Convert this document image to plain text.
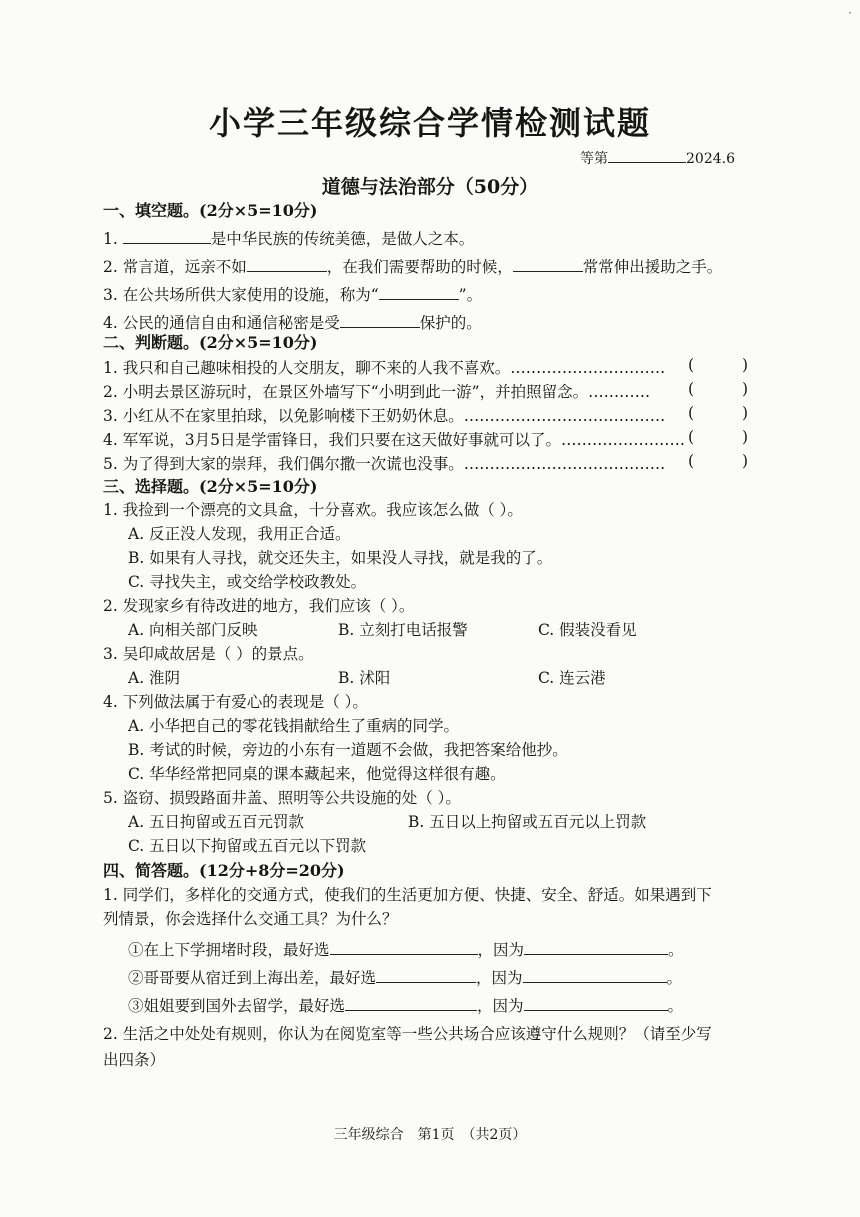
·
小学三年级综合学情检测试题
等第	2024.6
道德与法治部分（50分）
一、填空题。(2分×5=10分)
1.	是中华民族的传统美德，是做人之本。
2. 常言道，远亲不如	，在我们需要帮助的时候，	常常伸出援助之手。
3. 在公共场所供大家使用的设施，称为“	”。
4. 公民的通信自由和通信秘密是受	保护的。
二、判断题。(2分×5=10分)
1. 我只和自己趣味相投的人交朋友，聊不来的人我不喜欢。………………………… (	)
2. 小明去景区游玩时，在景区外墙写下“小明到此一游”，并拍照留念。………… (	)
3. 小红从不在家里拍球，以免影响楼下王奶奶休息。………………………………… (	)
4. 军军说，3月5日是学雷锋日，我们只要在这天做好事就可以了。…………………… (	)
5. 为了得到大家的崇拜，我们偶尔撒一次谎也没事。………………………………… (	)
三、选择题。(2分×5=10分)
1. 我捡到一个漂亮的文具盒，十分喜欢。我应该怎么做（ ）。
A. 反正没人发现，我用正合适。
B. 如果有人寻找，就交还失主，如果没人寻找，就是我的了。
C. 寻找失主，或交给学校政教处。
2. 发现家乡有待改进的地方，我们应该（ ）。
A. 向相关部门反映	B. 立刻打电话报警	C. 假装没看见
3. 吴印咸故居是（ ）的景点。
A. 淮阴	B. 沭阳	C. 连云港
4. 下列做法属于有爱心的表现是（ ）。
A. 小华把自己的零花钱捐献给生了重病的同学。
B. 考试的时候，旁边的小东有一道题不会做，我把答案给他抄。
C. 华华经常把同桌的课本藏起来，他觉得这样很有趣。
5. 盗窃、损毁路面井盖、照明等公共设施的处（ ）。
A. 五日拘留或五百元罚款	B. 五日以上拘留或五百元以上罚款
C. 五日以下拘留或五百元以下罚款
四、简答题。(12分+8分=20分)
1. 同学们，多样化的交通方式，使我们的生活更加方便、快捷、安全、舒适。如果遇到下
列情景，你会选择什么交通工具？为什么？
①在上下学拥堵时段，最好选	，因为	。
②哥哥要从宿迁到上海出差，最好选	，因为	。
③姐姐要到国外去留学，最好选	，因为	。
2. 生活之中处处有规则，你认为在阅览室等一些公共场合应该遵守什么规则？（请至少写
出四条）
三年级综合　第1页　（共2页）
